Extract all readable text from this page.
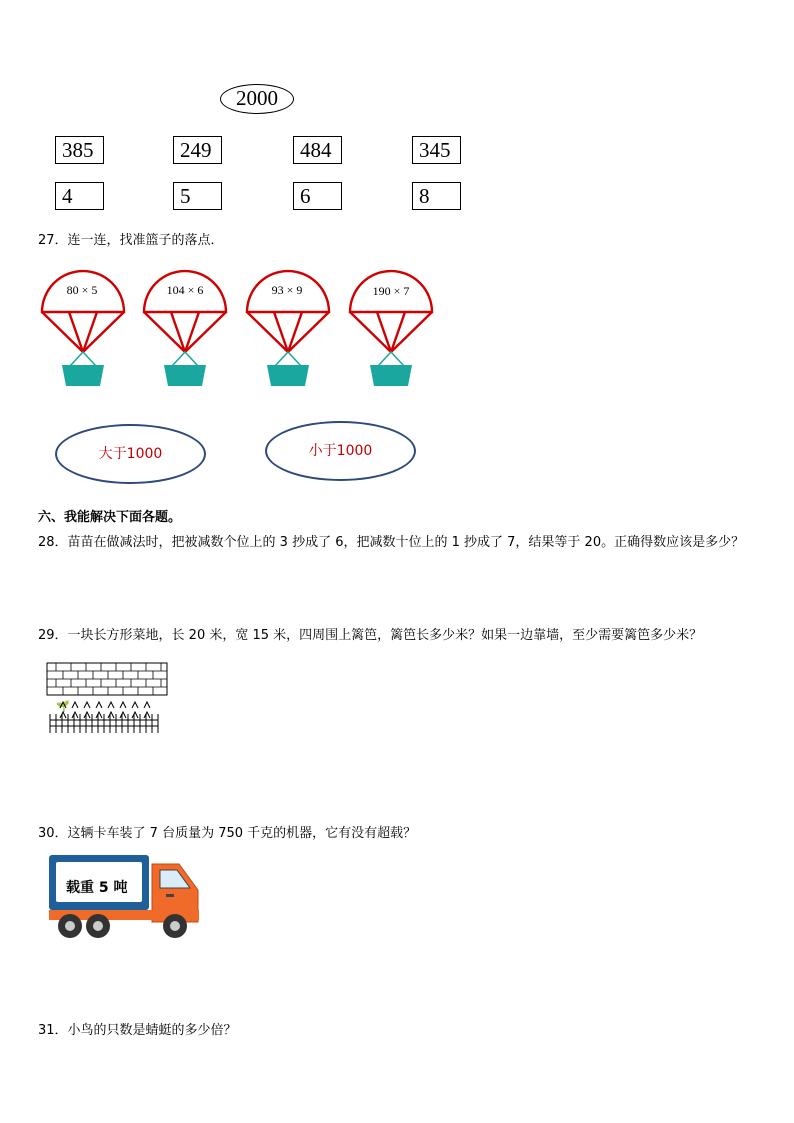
2000
385	249	484	345
4	5	6	8
27．连一连，找准篮子的落点．
80 × 5	104 × 6	93 × 9	190 × 7
大于1000	小于1000
六、我能解决下面各题。
28．苗苗在做减法时，把被减数个位上的 3 抄成了 6，把减数十位上的 1 抄成了 7，结果等于 20。正确得数应该是多少？
29．一块长方形菜地，长 20 米，宽 15 米，四周围上篱笆，篱笆长多少米？如果一边靠墙，至少需要篱笆多少米？
🌱
30．这辆卡车装了 7 台质量为 750 千克的机器，它有没有超载？
载重 5 吨
31．小鸟的只数是蜻蜓的多少倍？
